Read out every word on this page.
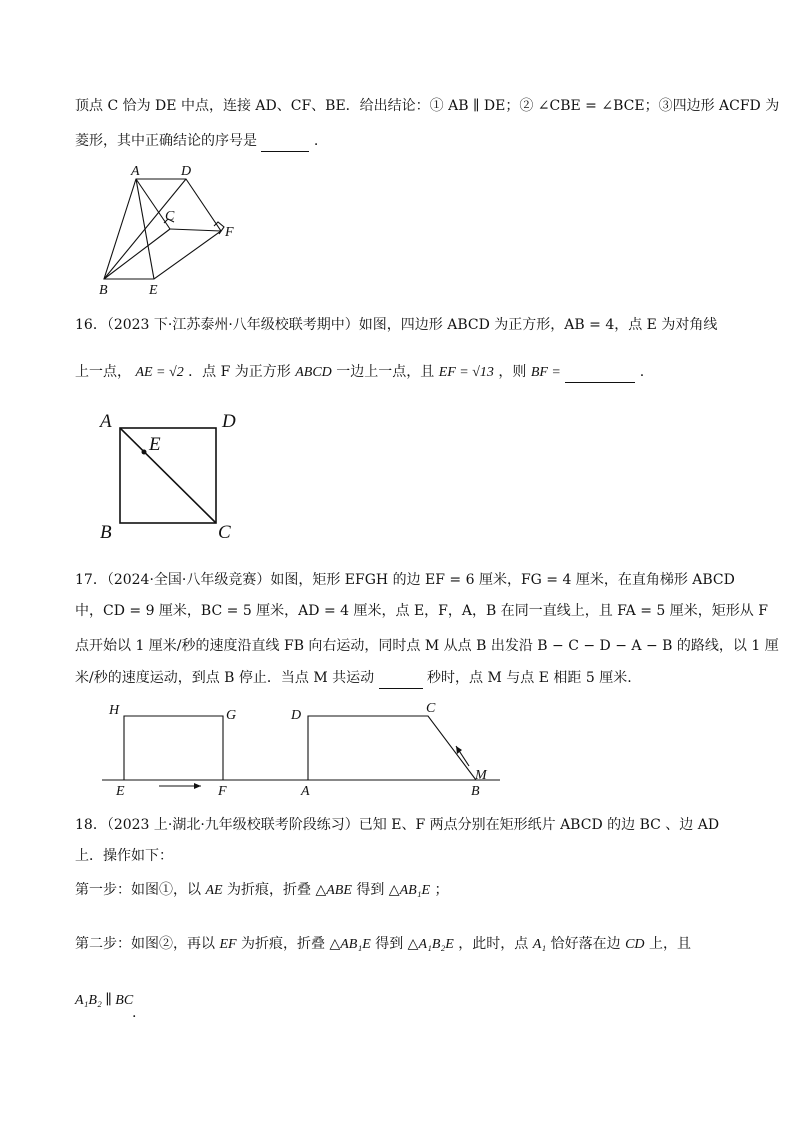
顶点 C 恰为 DE 中点，连接 AD、CF、BE．给出结论：① AB ∥ DE；② ∠CBE = ∠BCE；③四边形 ACFD 为
菱形，其中正确结论的序号是	.
A	D
C
F
B	E
16．（2023 下·江苏泰州·八年级校联考期中）如图，四边形 ABCD 为正方形，AB = 4，点 E 为对角线
上一点， AE = √2 ．点 F 为正方形 ABCD 一边上一点，且 EF = √13 ，则 BF =	.
A	D
E
B	C
17．（2024·全国·八年级竞赛）如图，矩形 EFGH 的边 EF = 6 厘米，FG = 4 厘米，在直角梯形 ABCD
中，CD = 9 厘米，BC = 5 厘米，AD = 4 厘米，点 E，F，A，B 在同一直线上，且 FA = 5 厘米，矩形从 F
点开始以 1 厘米/秒的速度沿直线 FB 向右运动，同时点 M 从点 B 出发沿 B − C − D − A − B 的路线，以 1 厘
米/秒的速度运动，到点 B 停止．当点 M 共运动	秒时，点 M 与点 E 相距 5 厘米.
H	G	D	C
E	F	A	B
M
18．（2023 上·湖北·九年级校联考阶段练习）已知 E、F 两点分别在矩形纸片 ABCD 的边 BC 、边 AD
上．操作如下：
第一步：如图①，以 AE 为折痕，折叠 △ABE 得到 △AB₁E ；
第二步：如图②，再以 EF 为折痕，折叠 △AB₁E 得到 △A₁B₂E ，此时，点 A₁ 恰好落在边 CD 上，且
A₁B₂ ∥ BC
.
